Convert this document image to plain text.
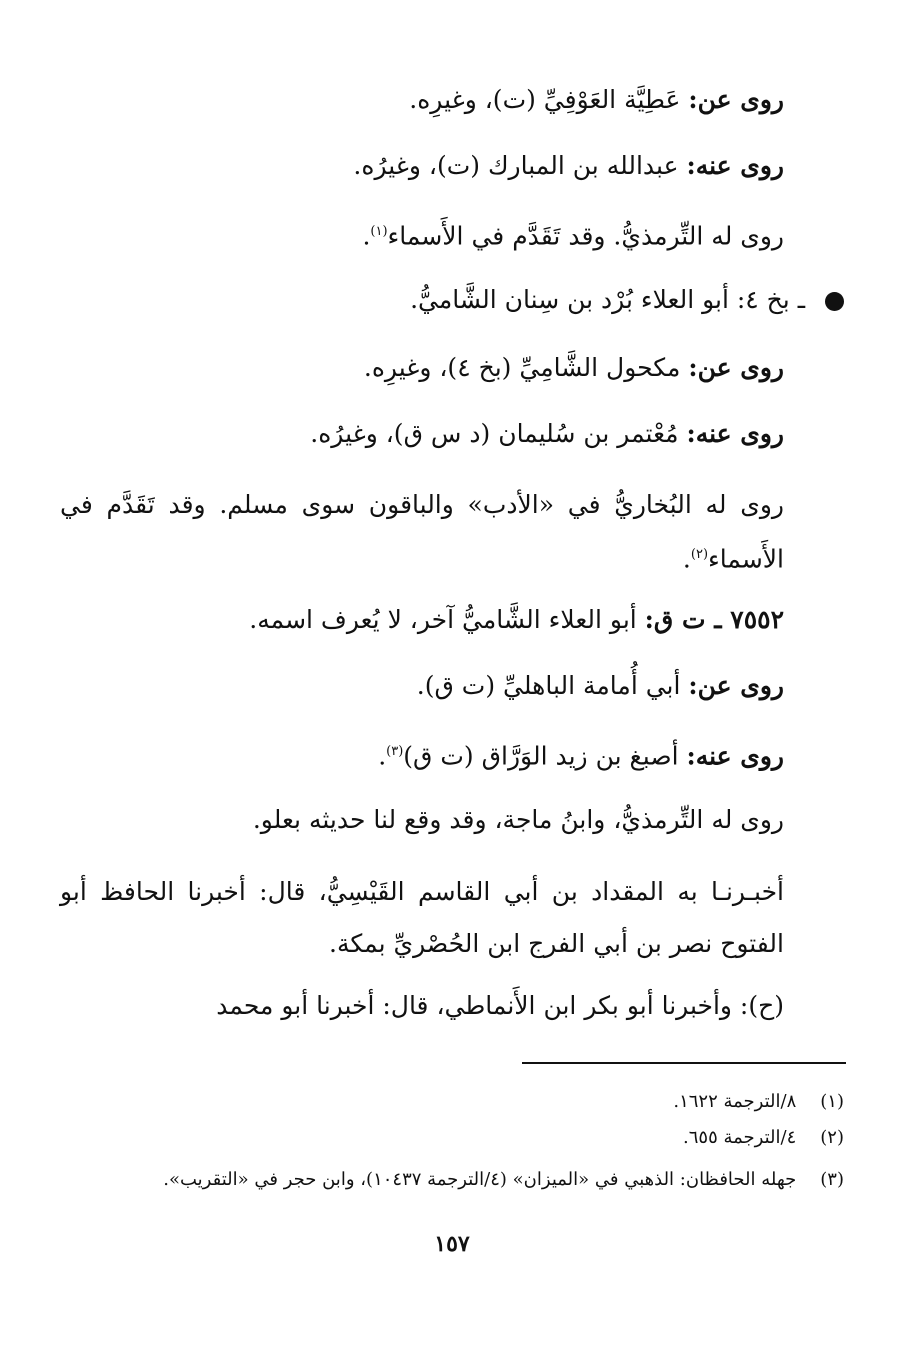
روى عن: عَطِيَّة العَوْفِيِّ (ت)، وغيرِه.
روى عنه: عبدالله بن المبارك (ت)، وغيرُه.
روى له التِّرمذيُّ. وقد تَقَدَّم في الأَسماء$^{(١)}$.
ـ بخ ٤: أبو العلاء بُرْد بن سِنان الشَّاميُّ.
روى عن: مكحول الشَّامِيِّ (بخ ٤)، وغيرِه.
روى عنه: مُعْتمر بن سُليمان (د س ق)، وغيرُه.
روى له البُخاريُّ في «الأدب» والباقون سوى مسلم. وقد تَقَدَّم في الأَسماء$^{(٢)}$.
٧٥٥٢ ـ ت ق: أبو العلاء الشَّاميُّ آخر، لا يُعرف اسمه.
روى عن: أبي أُمامة الباهليِّ (ت ق).
روى عنه: أصبغ بن زيد الوَرَّاق (ت ق)$^{(٣)}$.
روى له التِّرمذيُّ، وابنُ ماجة، وقد وقع لنا حديثه بعلو.
أخبـرنـا به المقداد بن أبي القاسم القَيْسِيُّ، قال: أخبرنا الحافظ أبو الفتوح نصر بن أبي الفرج ابن الحُصْريِّ بمكة.
(ح): وأخبرنا أبو بكر ابن الأَنماطي، قال: أخبرنا أبو محمد
(١) ٨/الترجمة ١٦٢٢.
(٢) ٤/الترجمة ٦٥٥.
(٣) جهله الحافظان: الذهبي في «الميزان» (٤/الترجمة ١٠٤٣٧)، وابن حجر في «التقريب».
١٥٧
